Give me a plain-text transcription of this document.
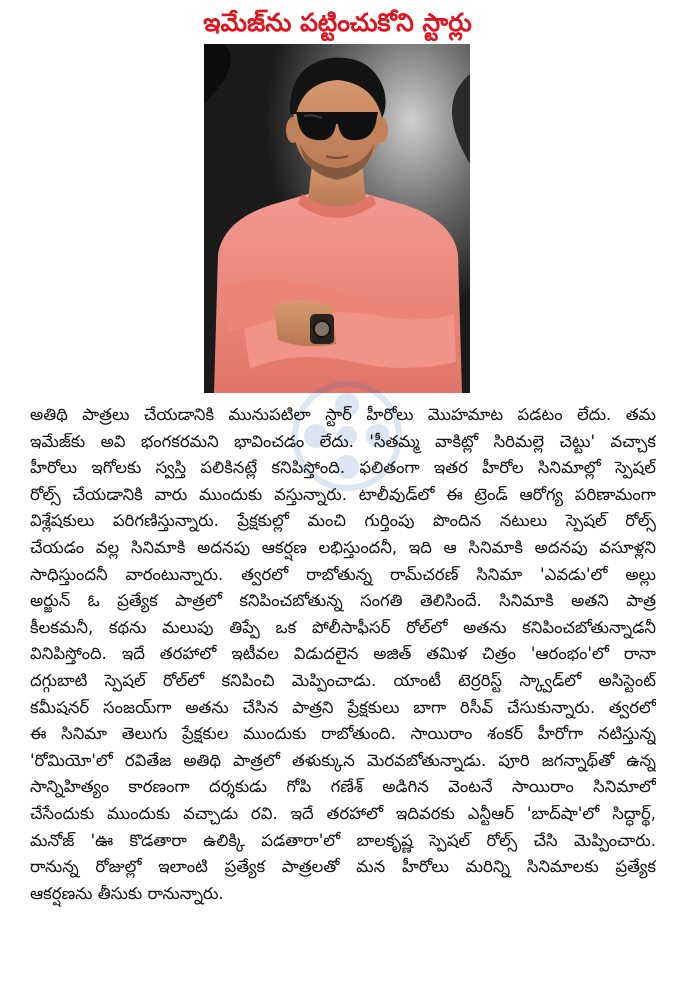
ఇమేజ్‌ను పట్టించుకోని స్టార్లు
అతిథి పాత్రలు చేయడానికి మునుపటిలా స్టార్ హీరోలు మొహమాట పడటం లేదు. తమ
ఇమేజ్‌కు అవి భంగకరమని భావించడం లేదు. 'సీతమ్మ వాకిట్లో సిరిమల్లె చెట్టు' వచ్చాక
హీరోలు ఇగోలకు స్వస్తి పలికినట్లే కనిపిస్తోంది. ఫలితంగా ఇతర హీరోల సినిమాల్లో స్పెషల్
రోల్స్ చేయడానికి వారు ముందుకు వస్తున్నారు. టాలీవుడ్‌లో ఈ ట్రెండ్ ఆరోగ్య పరిణామంగా
విశ్లేషకులు పరిగణిస్తున్నారు. ప్రేక్షకుల్లో మంచి గుర్తింపు పొందిన నటులు స్పెషల్ రోల్స్
చేయడం వల్ల సినిమాకి అదనపు ఆకర్షణ లభిస్తుందనీ, ఇది ఆ సినిమాకి అదనపు వసూళ్లని
సాధిస్తుందనీ వారంటున్నారు. త్వరలో రాబోతున్న రామ్‌చరణ్ సినిమా 'ఎవడు'లో అల్లు
అర్జున్ ఓ ప్రత్యేక పాత్రలో కనిపించబోతున్న సంగతి తెలిసిందే. సినిమాకి అతని పాత్ర
కీలకమనీ, కథను మలుపు తిప్పే ఒక పోలీసాఫీసర్ రోల్‌లో అతను కనిపించబోతున్నాడనీ
వినిపిస్తోంది. ఇదే తరహాలో ఇటీవల విడుదలైన అజిత్ తమిళ చిత్రం 'ఆరంభం'లో రానా
దగ్గుబాటి స్పెషల్ రోల్‌లో కనిపించి మెప్పించాడు. యాంటీ టెర్రరిస్ట్ స్క్వాడ్‌లో అసిస్టెంట్
కమీషనర్ సంజయ్‌గా అతను చేసిన పాత్రని ప్రేక్షకులు బాగా రిసీవ్ చేసుకున్నారు. త్వరలో
ఈ సినిమా తెలుగు ప్రేక్షకుల ముందుకు రాబోతుంది. సాయిరాం శంకర్ హీరోగా నటిస్తున్న
'రోమియో'లో రవితేజ అతిథి పాత్రలో తళుక్కున మెరవబోతున్నాడు. పూరి జగన్నాథ్‌తో ఉన్న
సాన్నిహిత్యం కారణంగా దర్శకుడు గోపి గణేశ్ అడిగిన వెంటనే సాయిరాం సినిమాలో
చేసేందుకు ముందుకు వచ్చాడు రవి. ఇదే తరహాలో ఇదివరకు ఎన్టీఆర్ 'బాద్‌షా'లో సిద్ధార్థ్,
మనోజ్ 'ఊ కొడతారా ఉలిక్కి పడతారా'లో బాలకృష్ణ స్పెషల్ రోల్స్ చేసి మెప్పించారు.
రానున్న రోజుల్లో ఇలాంటి ప్రత్యేక పాత్రలతో మన హీరోలు మరిన్ని సినిమాలకు ప్రత్యేక
ఆకర్షణను తీసుకు రానున్నారు.
